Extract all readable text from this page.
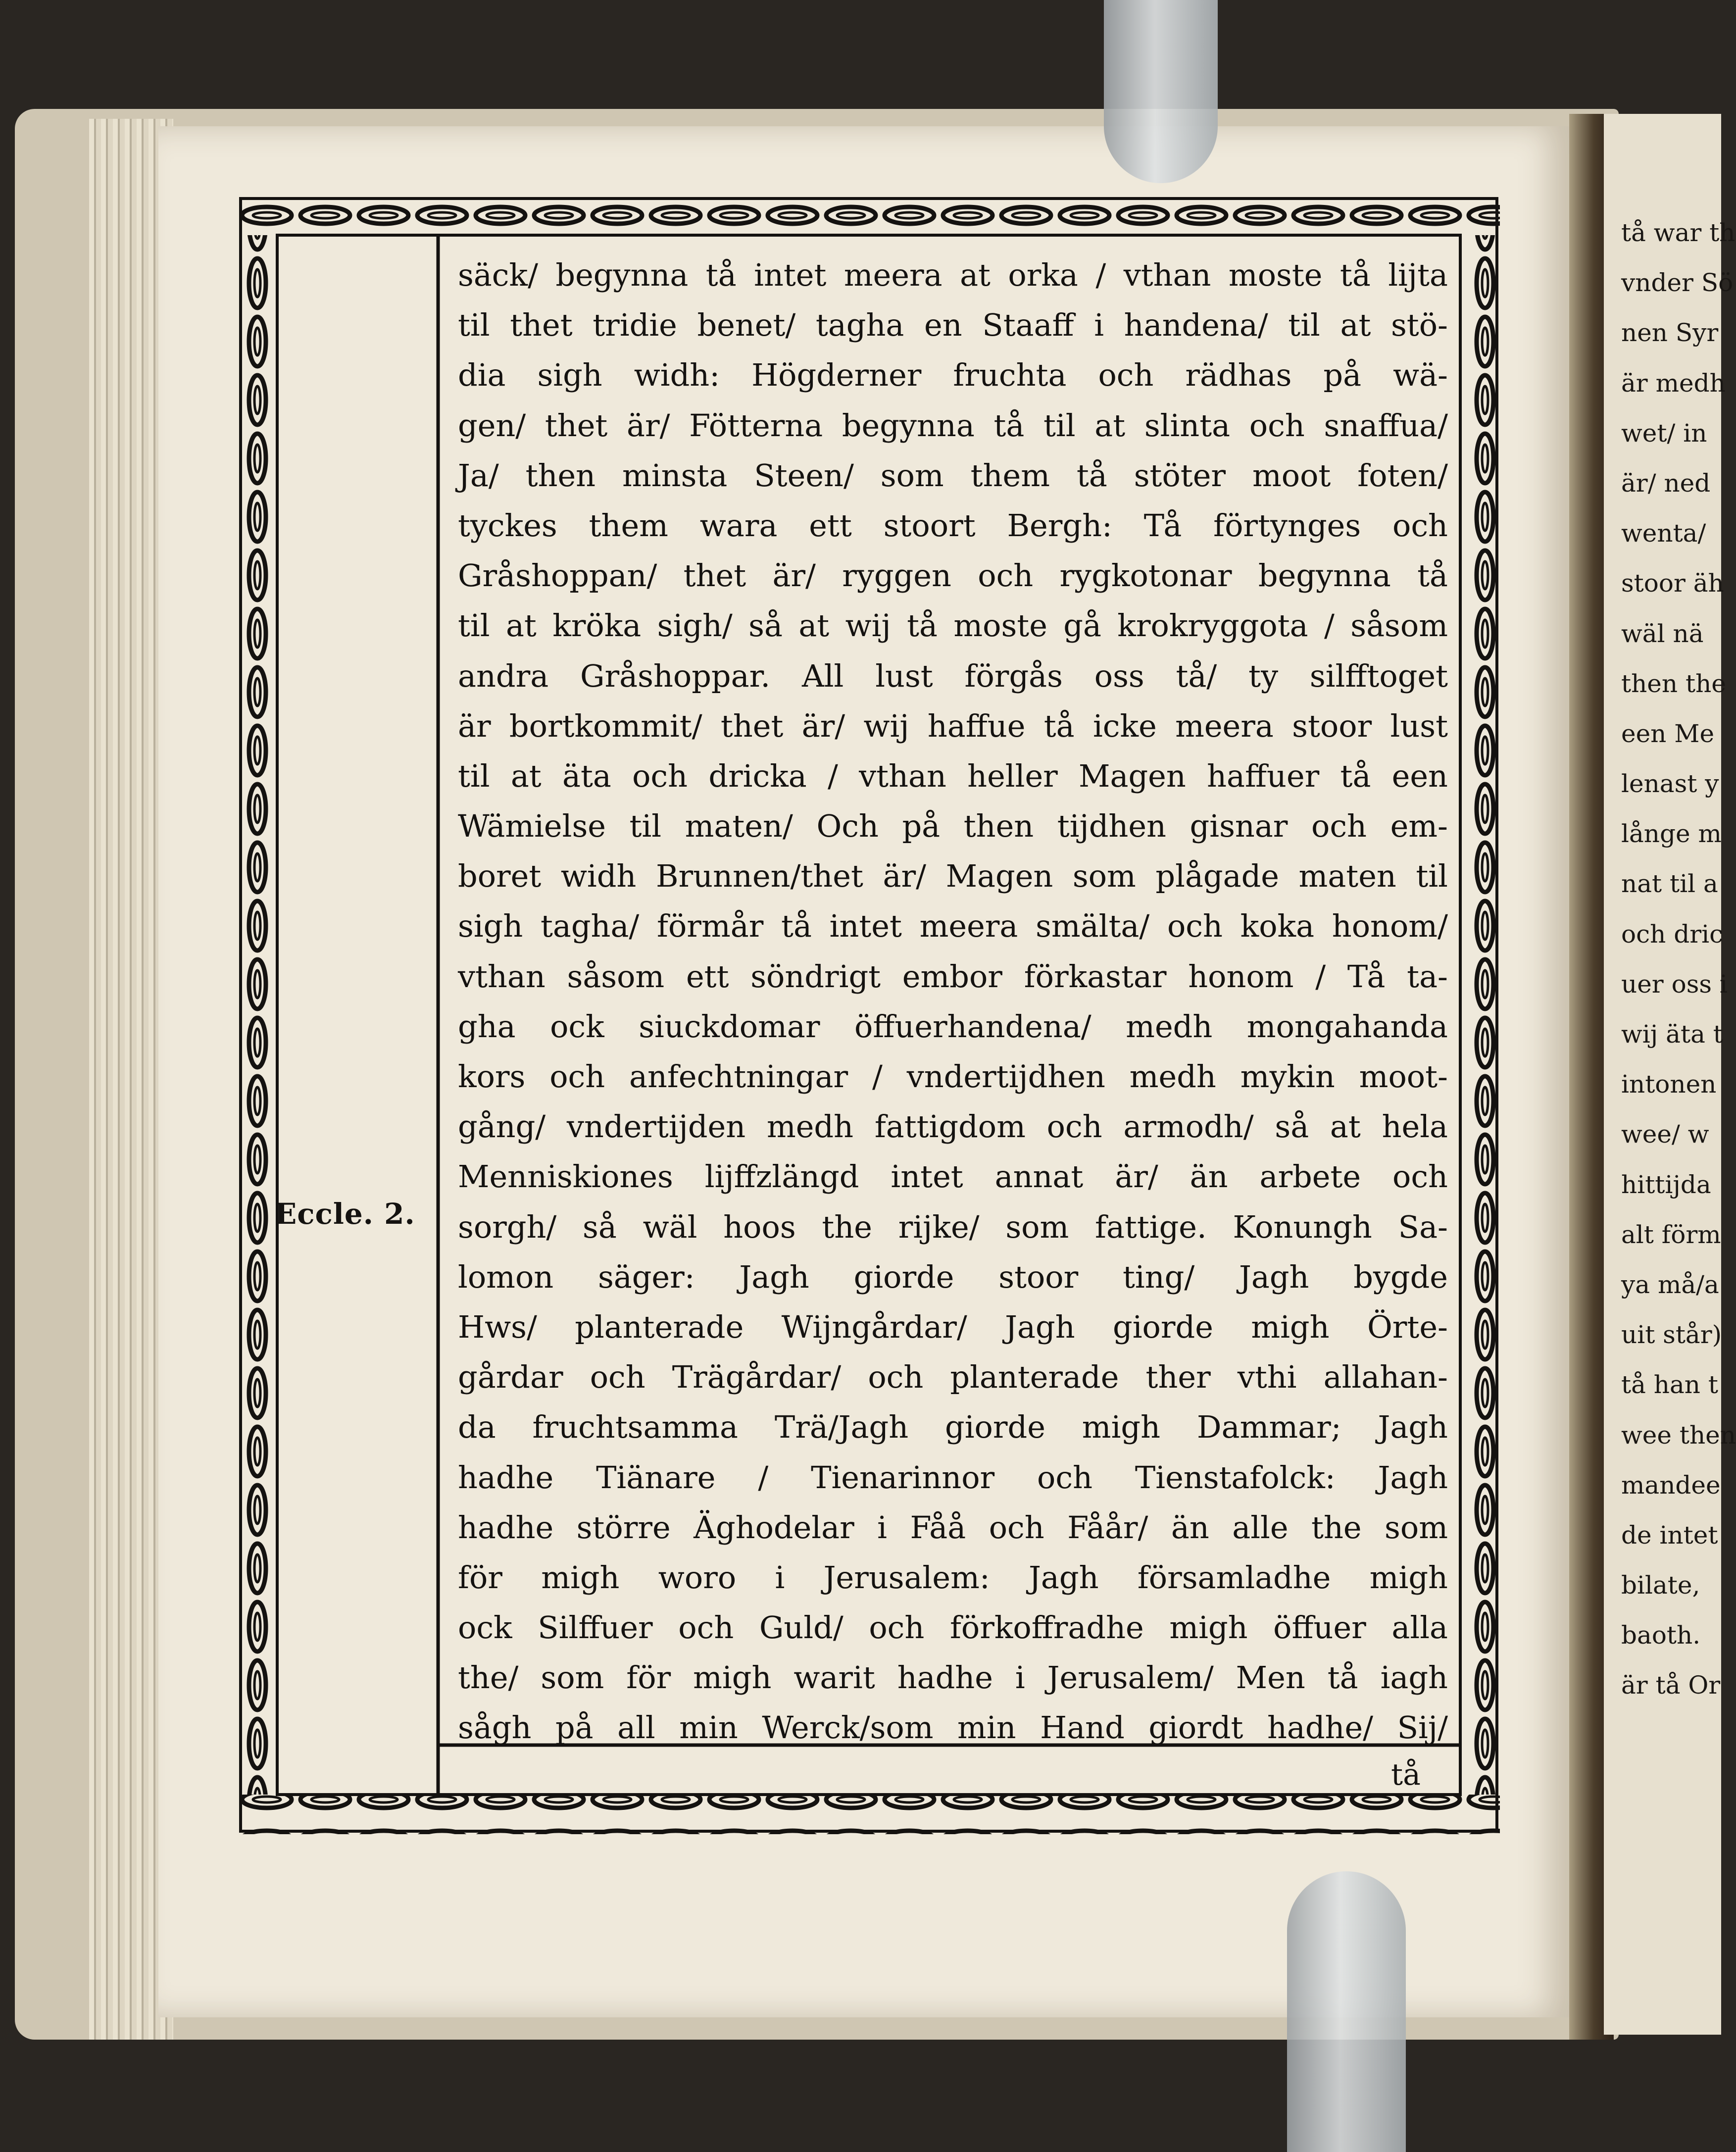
Eccle. 2.
säck/ begynna tå intet meera at orka / vthan moste tå lijta
til thet tridie benet/ tagha en Staaff i handena/ til at stö-
dia sigh widh: Högderner fruchta och rädhas på wä-
gen/ thet är/ Fötterna begynna tå til at slinta och snaffua/
Ja/ then minsta Steen/ som them tå stöter moot foten/
tyckes them wara ett stoort Bergh: Tå förtynges och
Gråshoppan/ thet är/ ryggen och rygkotonar begynna tå
til at kröka sigh/ så at wij tå moste gå krokryggota / såsom
andra Gråshoppar. All lust förgås oss tå/ ty silfftoget
är bortkommit/ thet är/ wij haffue tå icke meera stoor lust
til at äta och dricka / vthan heller Magen haffuer tå een
Wämielse til maten/ Och på then tijdhen gisnar och em-
boret widh Brunnen/thet är/ Magen som plågade maten til
sigh tagha/ förmår tå intet meera smälta/ och koka honom/
vthan såsom ett söndrigt embor förkastar honom / Tå ta-
gha ock siuckdomar öffuerhandena/ medh mongahanda
kors och anfechtningar / vndertijdhen medh mykin moot-
gång/ vndertijden medh fattigdom och armodh/ så at hela
Menniskiones lijffzlängd intet annat är/ än arbete och
sorgh/ så wäl hoos the rijke/ som fattige. Konungh Sa-
lomon säger: Jagh giorde stoor ting/ Jagh bygde
Hws/ planterade Wijngårdar/ Jagh giorde migh Örte-
gårdar och Trägårdar/ och planterade ther vthi allahan-
da fruchtsamma Trä/Jagh giorde migh Dammar; Jagh
hadhe Tiänare / Tienarinnor och Tienstafolck: Jagh
hadhe större Äghodelar i Fåå och Fåår/ än alle the som
för migh woro i Jerusalem: Jagh församladhe migh
ock Silffuer och Guld/ och förkoffradhe migh öffuer alla
the/ som för migh warit hadhe i Jerusalem/ Men tå iagh
sågh på all min Werck/som min Hand giordt hadhe/ Sij/
tå
tå war th
vnder Sö
nen Syr
är medh
wet/ in
är/ ned
wenta/
stoor äh
wäl nä
then the
een Me
lenast y
långe m
nat til a
och dric
uer oss i
wij äta t
intonen
wee/ w
hittijda
alt förm
ya må/a
uit står)
tå han t
wee then
mandee
de intet
bilate,
baoth.
är tå Or
